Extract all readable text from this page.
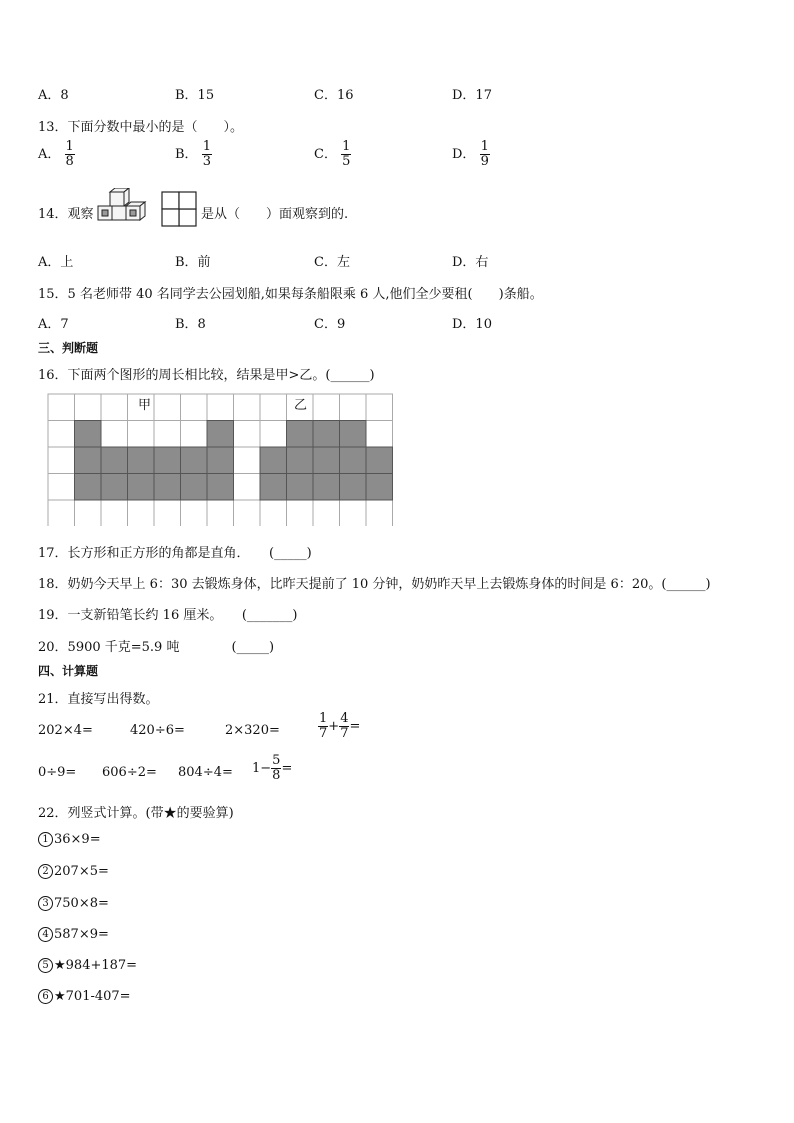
A．8	B．15	C．16	D．17
13．下面分数中最小的是（　　）。
A． $\frac{1}{8}$	B． $\frac{1}{3}$	C． $\frac{1}{5}$	D． $\frac{1}{9}$
14．观察	是从（　　）面观察到的.
A．上	B．前	C．左	D．右
15．5 名老师带 40 名同学去公园划船,如果每条船限乘 6 人,他们全少要租(　　)条船。
A．7	B．8	C．9	D．10
三、判断题
16．下面两个图形的周长相比较，结果是甲>乙。(______)
甲	乙
17．长方形和正方形的角都是直角．　　(_____)
18．奶奶今天早上 6：30 去锻炼身体，比昨天提前了 10 分钟，奶奶昨天早上去锻炼身体的时间是 6：20。(______)
19．一支新铅笔长约 16 厘米。　　(_______)
20．5900 千克=5.9 吨　　　　(_____)
四、计算题
21．直接写出得数。
202×4=	420÷6=	2×320=	$\frac{1}{7} + \frac{4}{7}$ =
$0\div 9= 606\div 2= 804\div 4= 1- \frac{5}{8}$ =
22．列竖式计算。(带★的要验算)
1 36×9=
2 207×5=
3 750×8=
4 587×9=
5 ★984+187=
6 ★701-407=
